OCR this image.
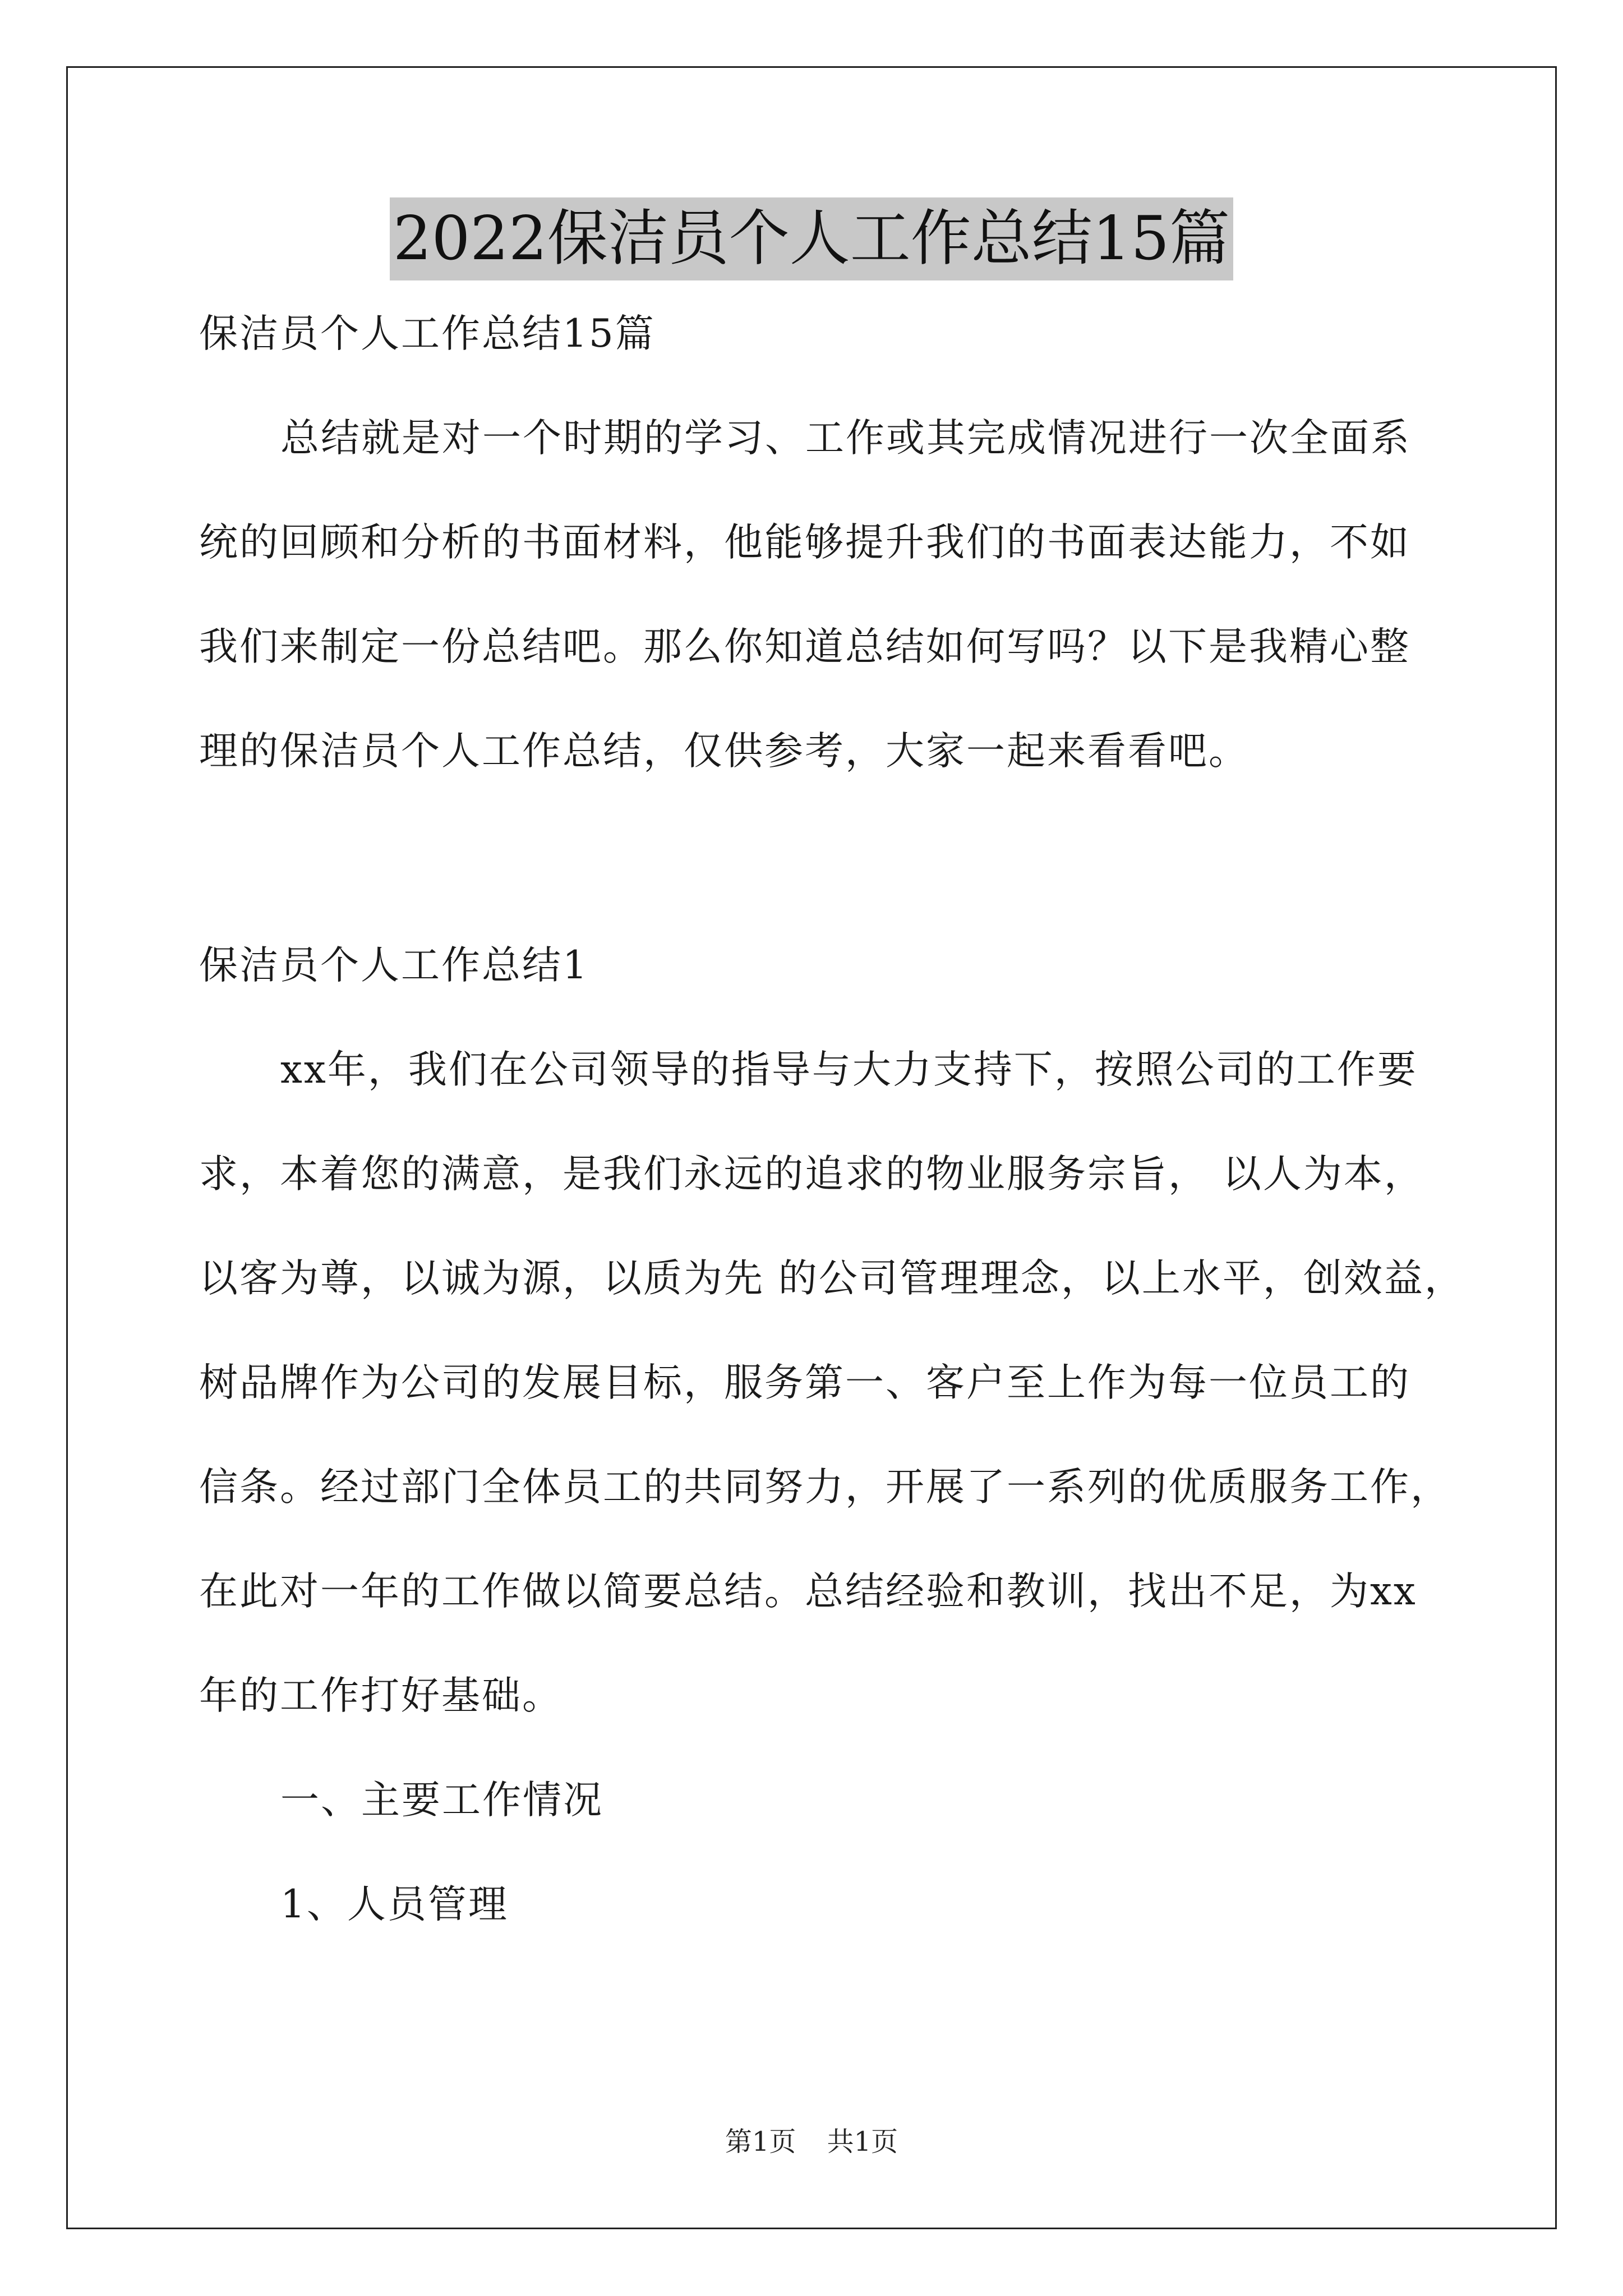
2022保洁员个人工作总结15篇
保洁员个人工作总结15篇
总结就是对一个时期的学习、工作或其完成情况进行一次全面系
统的回顾和分析的书面材料，他能够提升我们的书面表达能力，不如
我们来制定一份总结吧。那么你知道总结如何写吗？以下是我精心整
理的保洁员个人工作总结，仅供参考，大家一起来看看吧。
保洁员个人工作总结1
xx年，我们在公司领导的指导与大力支持下，按照公司的工作要
求，本着您的满意，是我们永远的追求的物业服务宗旨， 以人为本，
以客为尊，以诚为源，以质为先 的公司管理理念，以上水平，创效益，
树品牌作为公司的发展目标，服务第一、客户至上作为每一位员工的
信条。经过部门全体员工的共同努力，开展了一系列的优质服务工作，
在此对一年的工作做以简要总结。总结经验和教训，找出不足，为xx
年的工作打好基础。
一、主要工作情况
1、人员管理
第1页 共1页
